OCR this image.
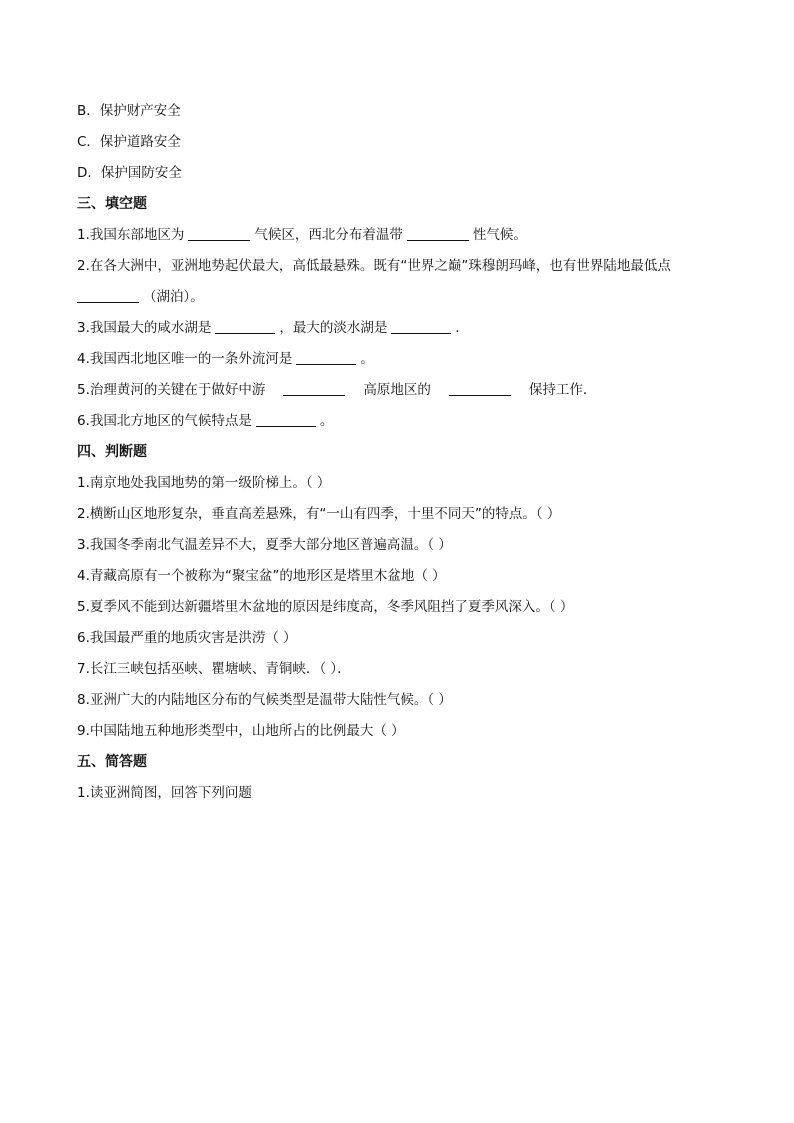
B．保护财产安全
C．保护道路安全
D．保护国防安全
三、填空题
1.我国东部地区为	气候区，西北分布着温带	性气候。
2.在各大洲中，亚洲地势起伏最大，高低最悬殊。既有“世界之巅”珠穆朗玛峰，也有世界陆地最低点
（湖泊）。
3.我国最大的咸水湖是	，最大的淡水湖是	．
4.我国西北地区唯一的一条外流河是	。
5.治理黄河的关键在于做好中游	高原地区的	保持工作．
6.我国北方地区的气候特点是	。
四、判断题
1.南京地处我国地势的第一级阶梯上。（ ）
2.横断山区地形复杂，垂直高差悬殊，有“一山有四季，十里不同天”的特点。（ ）
3.我国冬季南北气温差异不大，夏季大部分地区普遍高温。（ ）
4.青藏高原有一个被称为“聚宝盆”的地形区是塔里木盆地（ ）
5.夏季风不能到达新疆塔里木盆地的原因是纬度高，冬季风阻挡了夏季风深入。（ ）
6.我国最严重的地质灾害是洪涝（ ）
7.长江三峡包括巫峡、瞿塘峡、青铜峡．（ ）．
8.亚洲广大的内陆地区分布的气候类型是温带大陆性气候。（ ）
9.中国陆地五种地形类型中，山地所占的比例最大（ ）
五、简答题
1.读亚洲简图，回答下列问题
